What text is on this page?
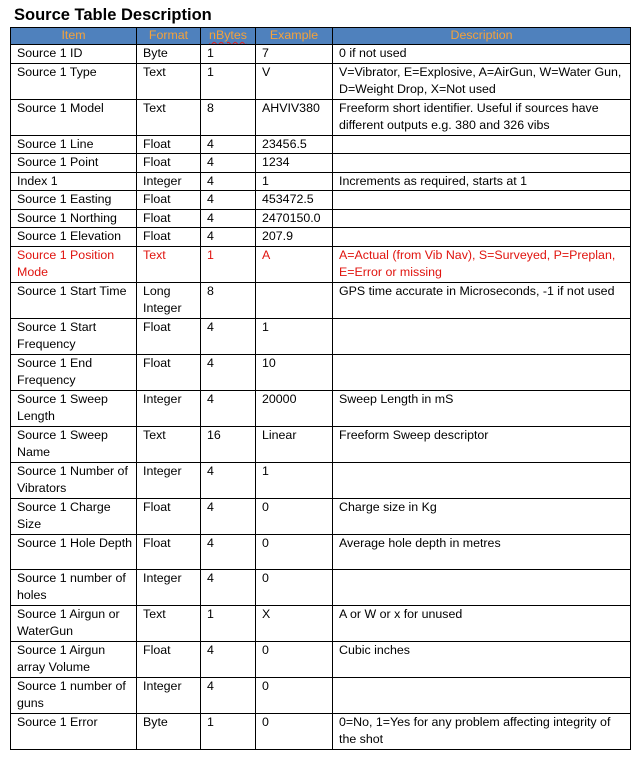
Source Table Description
Item	Format	nBytes	Example	Description
Source 1 ID	Byte	1	7	0 if not used
Source 1 Type	Text	1	V	V=Vibrator, E=Explosive, A=AirGun, W=Water Gun, D=Weight Drop, X=Not used
Source 1 Model	Text	8	AHVIV380	Freeform short identifier. Useful if sources have different outputs e.g. 380 and 326 vibs
Source 1 Line	Float	4	23456.5	
Source 1 Point	Float	4	1234	
Index 1	Integer	4	1	Increments as required, starts at 1
Source 1 Easting	Float	4	453472.5	
Source 1 Northing	Float	4	2470150.0	
Source 1 Elevation	Float	4	207.9	
Source 1 Position Mode	Text	1	A	A=Actual (from Vib Nav), S=Surveyed, P=Preplan, E=Error or missing
Source 1 Start Time	Long Integer	8		GPS time accurate in Microseconds, -1 if not used
Source 1 Start Frequency	Float	4	1	
Source 1 End Frequency	Float	4	10	
Source 1 Sweep Length	Integer	4	20000	Sweep Length in mS
Source 1 Sweep Name	Text	16	Linear	Freeform Sweep descriptor
Source 1 Number of Vibrators	Integer	4	1	
Source 1 Charge Size	Float	4	0	Charge size in Kg
Source 1 Hole Depth	Float	4	0	Average hole depth in metres
Source 1 number of holes	Integer	4	0	
Source 1 Airgun or WaterGun	Text	1	X	A or W or x for unused
Source 1 Airgun array Volume	Float	4	0	Cubic inches
Source 1 number of guns	Integer	4	0	
Source 1 Error	Byte	1	0	0=No, 1=Yes for any problem affecting integrity of the shot
